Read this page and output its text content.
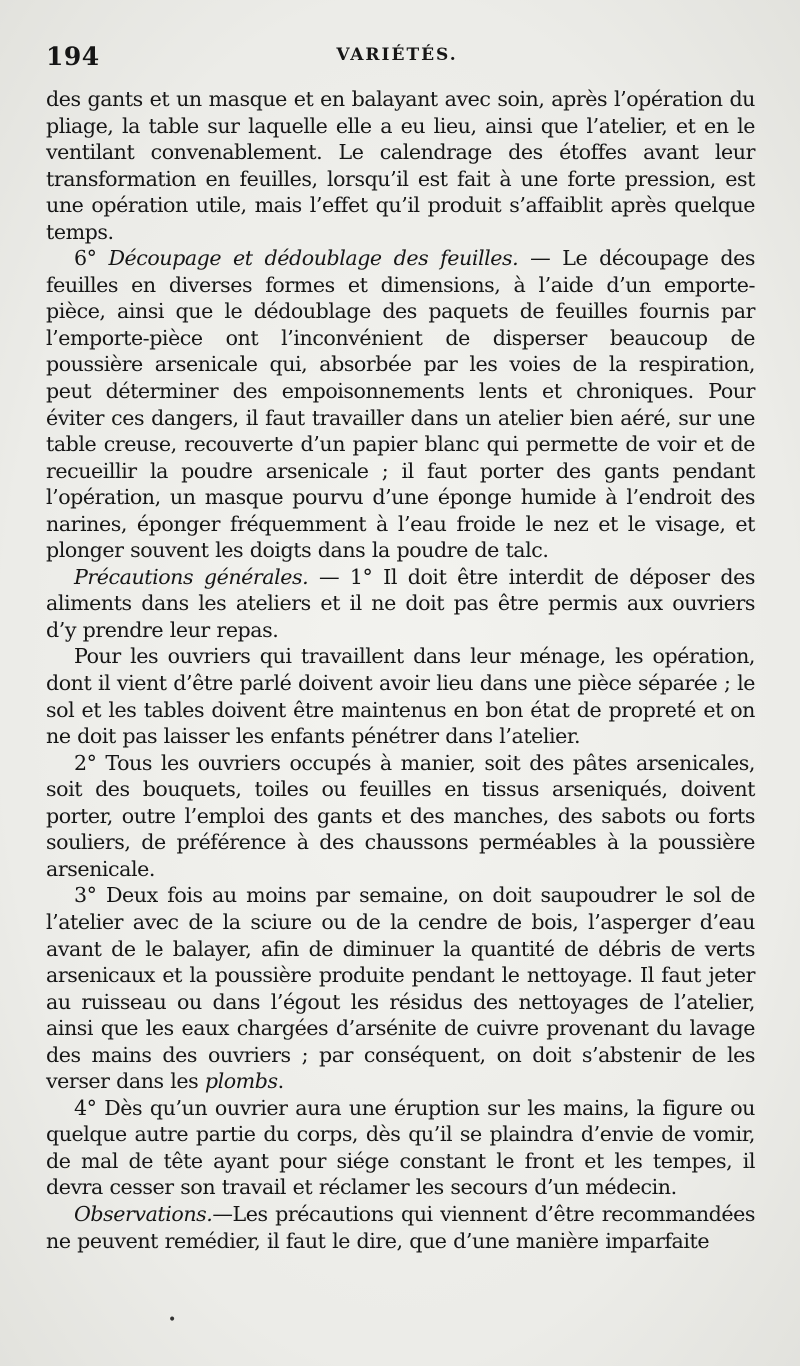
194	VARIÉTÉS.

des gants et un masque et en balayant avec soin, après l’opération du pliage, la table sur laquelle elle a eu lieu, ainsi que l’atelier, et en le ventilant convenablement. Le calendrage des étoffes avant leur transformation en feuilles, lorsqu’il est fait à une forte pression, est une opération utile, mais l’effet qu’il produit s’affaiblit après quelque temps.

6° Découpage et dédoublage des feuilles. — Le découpage des feuilles en diverses formes et dimensions, à l’aide d’un emporte-pièce, ainsi que le dédoublage des paquets de feuilles fournis par l’emporte-pièce ont l’inconvénient de disperser beaucoup de poussière arsenicale qui, absorbée par les voies de la respiration, peut déterminer des empoisonnements lents et chroniques. Pour éviter ces dangers, il faut travailler dans un atelier bien aéré, sur une table creuse, recouverte d’un papier blanc qui permette de voir et de recueillir la poudre arsenicale ; il faut porter des gants pendant l’opération, un masque pourvu d’une éponge humide à l’endroit des narines, éponger fréquemment à l’eau froide le nez et le visage, et plonger souvent les doigts dans la poudre de talc.

Précautions générales. — 1° Il doit être interdit de déposer des aliments dans les ateliers et il ne doit pas être permis aux ouvriers d’y prendre leur repas.

Pour les ouvriers qui travaillent dans leur ménage, les opération, dont il vient d’être parlé doivent avoir lieu dans une pièce séparée ; le sol et les tables doivent être maintenus en bon état de propreté et on ne doit pas laisser les enfants pénétrer dans l’atelier.

2° Tous les ouvriers occupés à manier, soit des pâtes arsenicales, soit des bouquets, toiles ou feuilles en tissus arseniqués, doivent porter, outre l’emploi des gants et des manches, des sabots ou forts souliers, de préférence à des chaussons perméables à la poussière arsenicale.

3° Deux fois au moins par semaine, on doit saupoudrer le sol de l’atelier avec de la sciure ou de la cendre de bois, l’asperger d’eau avant de le balayer, afin de diminuer la quantité de débris de verts arsenicaux et la poussière produite pendant le nettoyage. Il faut jeter au ruisseau ou dans l’égout les résidus des nettoyages de l’atelier, ainsi que les eaux chargées d’arsénite de cuivre provenant du lavage des mains des ouvriers ; par conséquent, on doit s’abstenir de les verser dans les plombs.

4° Dès qu’un ouvrier aura une éruption sur les mains, la figure ou quelque autre partie du corps, dès qu’il se plaindra d’envie de vomir, de mal de tête ayant pour siége constant le front et les tempes, il devra cesser son travail et réclamer les secours d’un médecin.

Observations.—Les précautions qui viennent d’être recommandées ne peuvent remédier, il faut le dire, que d’une manière imparfaite

•
